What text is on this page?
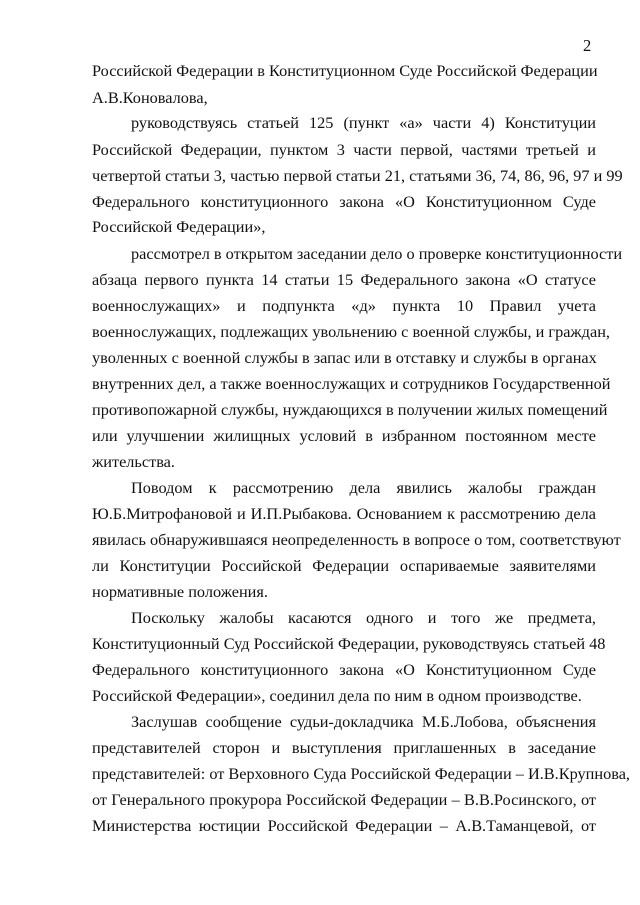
2
Российской Федерации в Конституционном Суде Российской Федерации
А.В.Коновалова,
руководствуясь статьей 125 (пункт «а» части 4) Конституции
Российской Федерации, пунктом 3 части первой, частями третьей и
четвертой статьи 3, частью первой статьи 21, статьями 36, 74, 86, 96, 97 и 99
Федерального конституционного закона «О Конституционном Суде
Российской Федерации»,
рассмотрел в открытом заседании дело о проверке конституционности
абзаца первого пункта 14 статьи 15 Федерального закона «О статусе
военнослужащих» и подпункта «д» пункта 10 Правил учета
военнослужащих, подлежащих увольнению с военной службы, и граждан,
уволенных с военной службы в запас или в отставку и службы в органах
внутренних дел, а также военнослужащих и сотрудников Государственной
противопожарной службы, нуждающихся в получении жилых помещений
или улучшении жилищных условий в избранном постоянном месте
жительства.
Поводом к рассмотрению дела явились жалобы граждан
Ю.Б.Митрофановой и И.П.Рыбакова. Основанием к рассмотрению дела
явилась обнаружившаяся неопределенность в вопросе о том, соответствуют
ли Конституции Российской Федерации оспариваемые заявителями
нормативные положения.
Поскольку жалобы касаются одного и того же предмета,
Конституционный Суд Российской Федерации, руководствуясь статьей 48
Федерального конституционного закона «О Конституционном Суде
Российской Федерации», соединил дела по ним в одном производстве.
Заслушав сообщение судьи-докладчика М.Б.Лобова, объяснения
представителей сторон и выступления приглашенных в заседание
представителей: от Верховного Суда Российской Федерации – И.В.Крупнова,
от Генерального прокурора Российской Федерации – В.В.Росинского, от
Министерства юстиции Российской Федерации – А.В.Таманцевой, от
